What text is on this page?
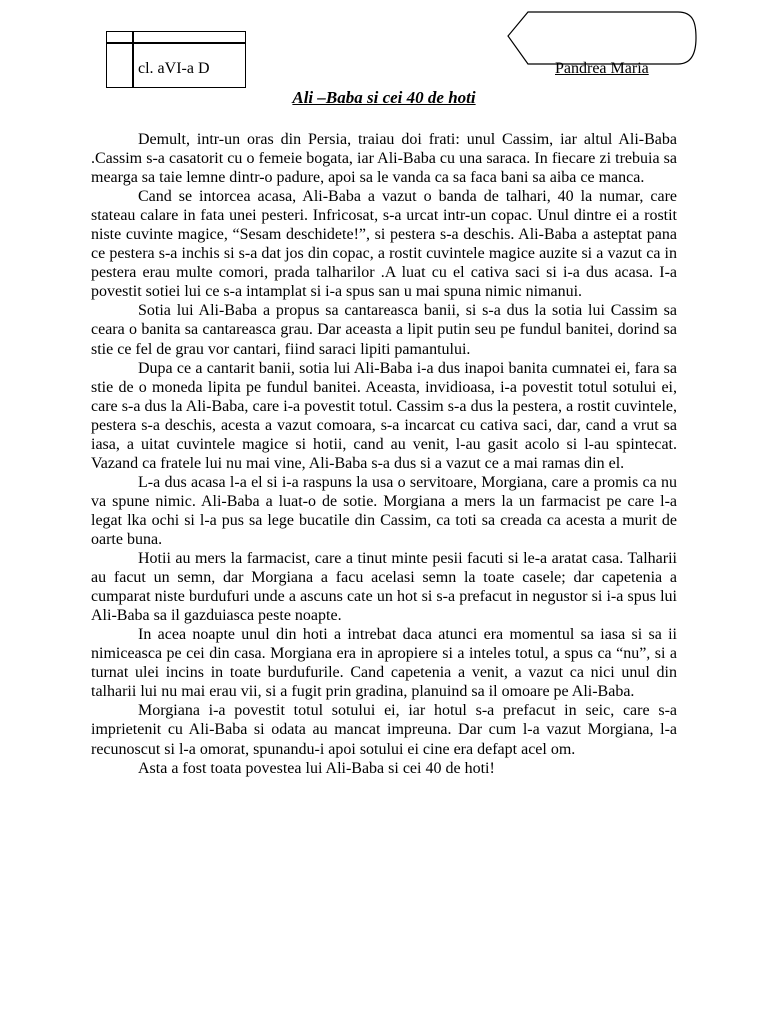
cl. aVI-a D	Pandrea Maria
Ali –Baba si cei 40 de hoti

Demult, intr-un oras din Persia, traiau doi frati: unul Cassim, iar altul Ali-Baba .Cassim s-a casatorit cu o femeie bogata, iar Ali-Baba cu una saraca. In fiecare zi trebuia sa mearga sa taie lemne dintr-o padure, apoi sa le vanda ca sa faca bani sa aiba ce manca.

Cand se intorcea acasa, Ali-Baba a vazut o banda de talhari, 40 la numar, care stateau calare in fata unei pesteri. Infricosat, s-a urcat intr-un copac. Unul dintre ei a rostit niste cuvinte magice, “Sesam deschidete!”, si pestera s-a deschis. Ali-Baba a asteptat pana ce pestera s-a inchis si s-a dat jos din copac, a rostit cuvintele magice auzite si a vazut ca in pestera erau multe comori, prada talharilor .A luat cu el cativa saci si i-a dus acasa. I-a povestit sotiei lui ce s-a intamplat si i-a spus san u mai spuna nimic nimanui.

Sotia lui Ali-Baba a propus sa cantareasca banii, si s-a dus la sotia lui Cassim sa ceara o banita sa cantareasca grau. Dar aceasta a lipit putin seu pe fundul banitei, dorind sa stie ce fel de grau vor cantari, fiind saraci lipiti pamantului.

Dupa ce a cantarit banii, sotia lui Ali-Baba i-a dus inapoi banita cumnatei ei, fara sa stie de o moneda lipita pe fundul banitei. Aceasta, invidioasa, i-a povestit totul sotului ei, care s-a dus la Ali-Baba, care i-a povestit totul. Cassim s-a dus la pestera, a rostit cuvintele, pestera s-a deschis, acesta a vazut comoara, s-a incarcat cu cativa saci, dar, cand a vrut sa iasa, a uitat cuvintele magice si hotii, cand au venit, l-au gasit acolo si l-au spintecat. Vazand ca fratele lui nu mai vine, Ali-Baba s-a dus si a vazut ce a mai ramas din el.

L-a dus acasa l-a el si i-a raspuns la usa o servitoare, Morgiana, care a promis ca nu va spune nimic. Ali-Baba a luat-o de sotie. Morgiana a mers la un farmacist pe care l-a legat lka ochi si l-a pus sa lege bucatile din Cassim, ca toti sa creada ca acesta a murit de oarte buna.

Hotii au mers la farmacist, care a tinut minte pesii facuti si le-a aratat casa. Talharii au facut un semn, dar Morgiana a facu acelasi semn la toate casele; dar capetenia a cumparat niste burdufuri unde a ascuns cate un hot si s-a prefacut in negustor si i-a spus lui Ali-Baba sa il gazduiasca peste noapte.

In acea noapte unul din hoti a intrebat daca atunci era momentul sa iasa si sa ii nimiceasca pe cei din casa. Morgiana era in apropiere si a inteles totul, a spus ca “nu”, si a turnat ulei incins in toate burdufurile. Cand capetenia a venit, a vazut ca nici unul din talharii lui nu mai erau vii, si a fugit prin gradina, planuind sa il omoare pe Ali-Baba.

Morgiana i-a povestit totul sotului ei, iar hotul s-a prefacut in seic, care s-a imprietenit cu Ali-Baba si odata au mancat impreuna. Dar cum l-a vazut Morgiana, l-a recunoscut si l-a omorat, spunandu-i apoi sotului ei cine era defapt acel om.

Asta a fost toata povestea lui Ali-Baba si cei 40 de hoti!
